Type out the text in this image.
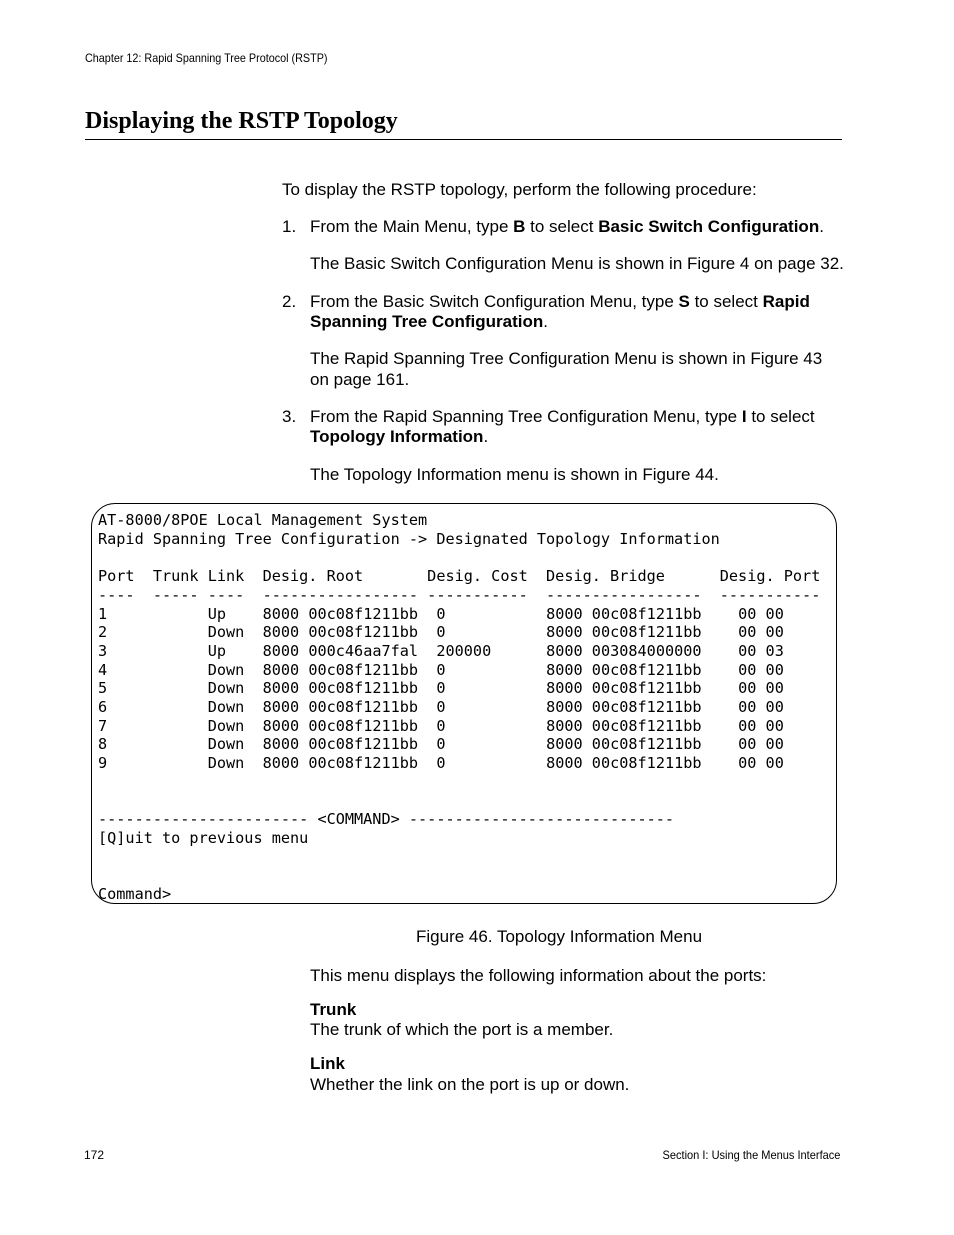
Chapter 12: Rapid Spanning Tree Protocol (RSTP)
Displaying the RSTP Topology
To display the RSTP topology, perform the following procedure:
1. From the Main Menu, type B to select Basic Switch Configuration.
The Basic Switch Configuration Menu is shown in Figure 4 on page 32.
2. From the Basic Switch Configuration Menu, type S to select Rapid
Spanning Tree Configuration.
The Rapid Spanning Tree Configuration Menu is shown in Figure 43
on page 161.
3. From the Rapid Spanning Tree Configuration Menu, type I to select
Topology Information.
The Topology Information menu is shown in Figure 44.
AT-8000/8POE Local Management System
Rapid Spanning Tree Configuration -> Designated Topology Information

Port  Trunk Link  Desig. Root       Desig. Cost  Desig. Bridge      Desig. Port
----  ----- ----  ----------------- -----------  -----------------  -----------
1	Up    8000 00c08f1211bb  0           8000 00c08f1211bb    00 00
2	Down  8000 00c08f1211bb  0           8000 00c08f1211bb    00 00
3	Up    8000 000c46aa7fal  200000      8000 003084000000    00 03
4	Down  8000 00c08f1211bb  0           8000 00c08f1211bb    00 00
5	Down  8000 00c08f1211bb  0           8000 00c08f1211bb    00 00
6	Down  8000 00c08f1211bb  0           8000 00c08f1211bb    00 00
7	Down  8000 00c08f1211bb  0           8000 00c08f1211bb    00 00
8	Down  8000 00c08f1211bb  0           8000 00c08f1211bb    00 00
9	Down  8000 00c08f1211bb  0           8000 00c08f1211bb    00 00

----------------------- <COMMAND> -----------------------------
[Q]uit to previous menu

Command>
Figure 46. Topology Information Menu
This menu displays the following information about the ports:
Trunk
The trunk of which the port is a member.
Link
Whether the link on the port is up or down.
172	Section I: Using the Menus Interface
